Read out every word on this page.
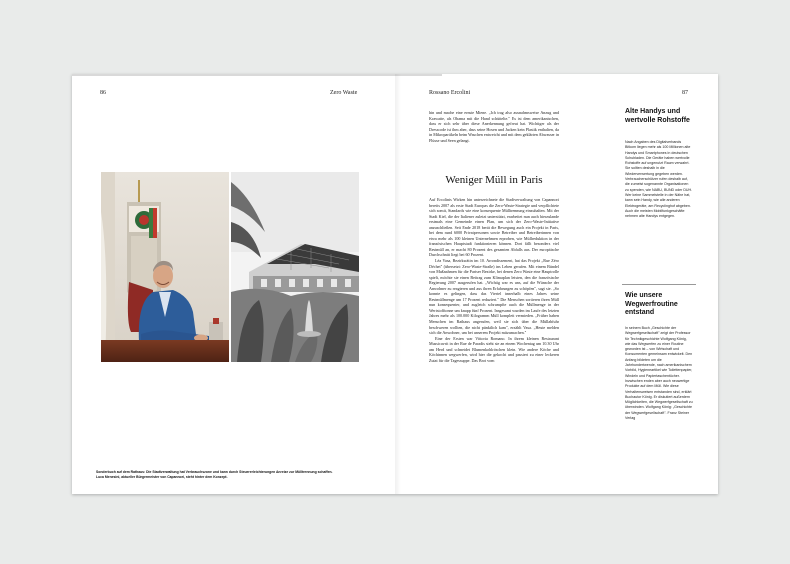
86	Zero Waste	Rossano Ercolini	87
Sonderbuch auf dem Rathaus: Die Stadtverwaltung hat Verbrauchszone und kann durch Steuererleichterungen Anreize zur Mülltrennung schaffen. Luca Menesini, aktueller Bürgermeister von Capannori, steht hinter dem Konzept.

hin und mache eine ernste Miene. „Ich trag also ausnahmsweise Anzug und Krawatte, als Obama mit die Hand schüttelte." Es ist dem amerikanischen, dass er sich sehr über diese Anerkennung gefreut hat. Wichtiger als der Dresscode ist ihm aber, dass seine Hosen und Jacken kein Plastik enthalten, da in Mikropartikeln beim Waschen entweicht und mit dem geklärten Abwasser in Flüsse und Seen gelangt.

Weniger Müll in Paris

Auf Ercolinis Wirken hin unterzeichnete die Stadtverwaltung von Capannori bereits 2007 als erste Stadt Europas die Zero-Waste-Strategie und verpflichtete sich somit, Standards wie eine konsequente Mülltrennung einzuhalten. Mit der Stadt Kiel, die der Italiener zuletzt unterstützt, erarbeitet nun auch hierzulande erstmals eine Gemeinde einen Plan, um sich der Zero-Waste-Initiative anzuschließen. Seit Ende 2018 berät die Bewegung auch ein Projekt in Paris, bei dem rund 6000 Privatpersonen sowie Betreiber und Betreiberinnen von etwa mehr als 100 kleinen Unternehmen erproben, wie Müllreduktion in der französischen Hauptstadt funktionieren können. Dort fällt besonders viel Restmüll an, er macht 80 Prozent des gesamten Abfalls aus. Der europäische Durchschnitt liegt bei 60 Prozent.

Léa Vasa, Bezirksrätin im 10. Arrondissement, hat das Projekt „Rue Zéro Déchet" (übersetzt: Zero-Waste-Straße) ins Leben gerufen. Mit einem Bündel von Maßnahmen für die Pariser Bezirke, bei denen Zero Waste eine Hauptrolle spielt, möchte sie einen Beitrag zum Klimaplan leisten, den die französische Regierung 2007 ausgerufen hat. „Wichtig war es uns, auf die Wünsche der Anwohner zu reagieren und aus ihren Erfahrungen zu schöpfen", sagt sie. „So konnte es gelingen, dass das Viertel innerhalb eines Jahres seine Restmüllmenge um 17 Prozent reduziert." Die Menschen sortieren ihren Müll nun konsequenter, und zugleich schrumpfte auch die Müllmenge in der Wertstofftonne um knapp fünf Prozent. Insgesamt wurden im Laufe des letzten Jahres mehr als 100.000 Kilogramm Müll komplett vermieden. „Früher haben Menschen im Rathaus angerufen, weil sie sich über die Müllabfuhr beschweren wollten, die nicht pünktlich kam", erzählt Vasa. „Heute melden sich die Anwohner, um bei unserem Projekt mitzumachen."

Eine der Ersten war Vittoria Romano. In ihrem kleinen Restaurant Mussicavrit in der Rue de Paradis steht sie an einem Wochentag um 10.30 Uhr am Herd und schneidet Blumenkohlröschen klein. Wie andere Köche und Köchinnen wegwerfen, wird hier die gekocht und passiert zu einer leckeren Zutat für die Tagessuppe. Das Brot vom

Alte Handys und wertvolle Rohstoffe
Nach Angaben des Digitalverbands Bitkom liegen mehr als 100 Millionen alte Handys und Smartphones in deutschen Schubladen. Die Geräte haben wertvolle Rohstoffe auf ungenutzt Raum verwahrt. Sie sollten deshalb in die Wiederverwertung gegeben werden. Verbraucherschützer rufen deshalb auf, die zumeist sogenannte Organisationen zu spenden, wie NABU, BUND oder DUH. Wer keine Sammelstelle in der Nähe hat, kann sein Handy, wie alle anderen Elektrogeräte, am Recyclinghof abgeben. Auch die meisten Mobilfunkgeschäfte nehmen alte Handys entgegen.
Wie unsere Wegwerfroutine entstand
In seinem Buch „Geschichte der Wegwerfgesellschaft" zeigt der Professor für Technikgeschichte Wolfgang König, wie das Wegwerfen zu einer Routine geworden ist – von Wirtschaft und Konsumenten gemeinsam entwickelt. Den Anfang bildeten um die Jahrhundertwende, nach amerikanischem Vorbild, Hygieneartikel wie Toilettenpapier, Windeln und Papiertaschentücher. Inzwischen enden aber auch neuwertige Produkte auf dem Müll. Wie diese Verhaltensweisen entstanden sind, erklärt Buchautor König. Er diskutiert außerdem Möglichkeiten, die Wegwerfgesellschaft zu überwinden. Wolfgang König: „Geschichte der Wegwerfgesellschaft". Franz Steiner Verlag
